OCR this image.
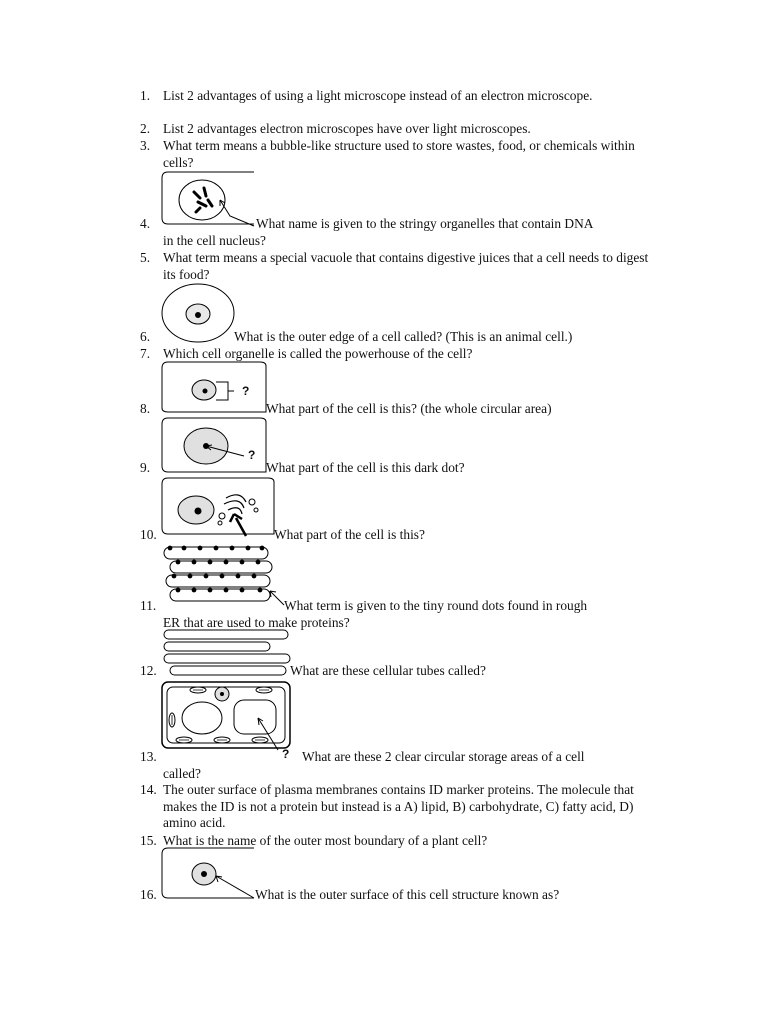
1. List 2 advantages of using a light microscope instead of an electron microscope.
2. List 2 advantages electron microscopes have over light microscopes.
3. What term means a bubble-like structure used to store wastes, food, or chemicals within cells?
4.	What name is given to the stringy organelles that contain DNA
in the cell nucleus?
5. What term means a special vacuole that contains digestive juices that a cell needs to digest its food?
6.	What is the outer edge of a cell called? (This is an animal cell.)
7. Which cell organelle is called the powerhouse of the cell?
?
8.	What part of the cell is this? (the whole circular area)
?
9.	What part of the cell is this dark dot?
10.	What part of the cell is this?
11.	What term is given to the tiny round dots found in rough
ER that are used to make proteins?
12.	What are these cellular tubes called?
?
13.	What are these 2 clear circular storage areas of a cell
called?
14. The outer surface of plasma membranes contains ID marker proteins. The molecule that makes the ID is not a protein but instead is a A) lipid, B) carbohydrate, C) fatty acid, D) amino acid.
15. What is the name of the outer most boundary of a plant cell?
16.	What is the outer surface of this cell structure known as?
